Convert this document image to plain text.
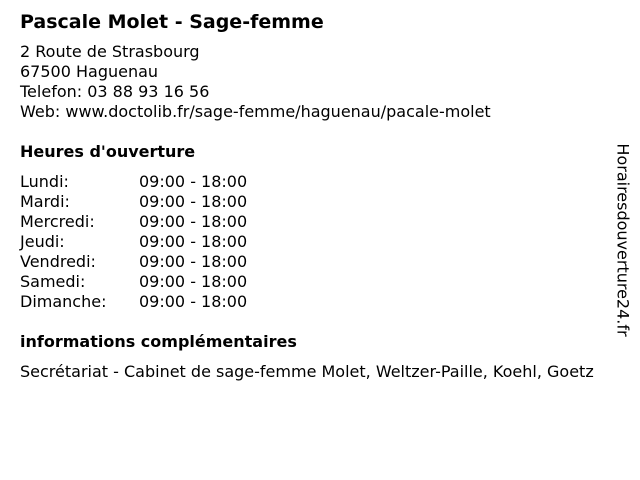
Pascale Molet - Sage-femme
2 Route de Strasbourg
67500 Haguenau
Telefon: 03 88 93 16 56
Web: www.doctolib.fr/sage-femme/haguenau/pacale-molet
Heures d'ouverture
Lundi:	09:00 - 18:00
Mardi:	09:00 - 18:00
Mercredi:	09:00 - 18:00
Jeudi:	09:00 - 18:00
Vendredi:	09:00 - 18:00
Samedi:	09:00 - 18:00
Dimanche: 09:00 - 18:00
informations complémentaires
Secrétariat - Cabinet de sage-femme Molet, Weltzer-Paille, Koehl, Goetz
Horairesdouverture24.fr
